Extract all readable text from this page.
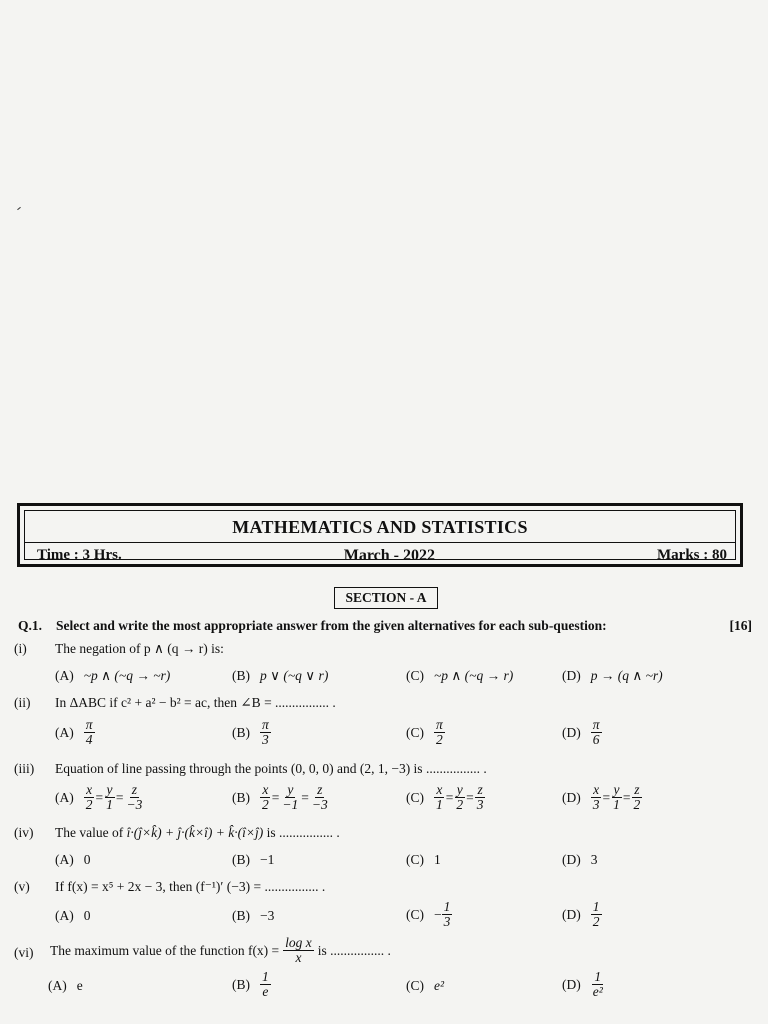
MATHEMATICS AND STATISTICS
Time : 3 Hrs.	March - 2022	Marks : 80
SECTION - A
Q.1. Select and write the most appropriate answer from the given alternatives for each sub-question:	[16]
(i) The negation of p ∧ (q → r) is:
(A) ~p ∧ (~q → ~r)	(B) p ∨ (~q ∨ r)	(C) ~p ∧ (~q → r)	(D) p → (q ∧ ~r)
(ii) In ΔABC if c² + a² − b² = ac, then ∠B = ................ .
$(A) \frac{\pi}{4}$	$(B) \frac{\pi}{3}$	$(C) \frac{\pi}{2}$	$(D) \frac{\pi}{6}$
(iii) Equation of line passing through the points (0, 0, 0) and (2, 1, −3) is ................ .
$(A) \frac{x}{2} = \frac{y}{1} = \frac{z}{-3}$	$(B) \frac{x}{2} = \frac{y}{-1} = \frac{z}{-3}$	$(C) \frac{x}{1} = \frac{y}{2} = \frac{z}{3}$	$(D) \frac{x}{3} = \frac{y}{1} = \frac{z}{2}$
(iv) The value of î·(ĵ×k̂) + ĵ·(k̂×î) + k̂·(î×ĵ) is ................ .
(A) 0	(B) −1	(C) 1	(D) 3
(v) If f(x) = x⁵ + 2x − 3, then (f⁻¹)′ (−3) = ................ .
(A) 0	(B) −3	$(C) - \frac{1}{3}$	$(D) \frac{1}{2}$
(vi) The maximum value of the function $f(x) = \frac{\text{log x}}{x}$ is ................ .
(A) e	$(B) \frac{1}{e}$	(C) e²	$(D) \frac{1}{\text{e²}}$
